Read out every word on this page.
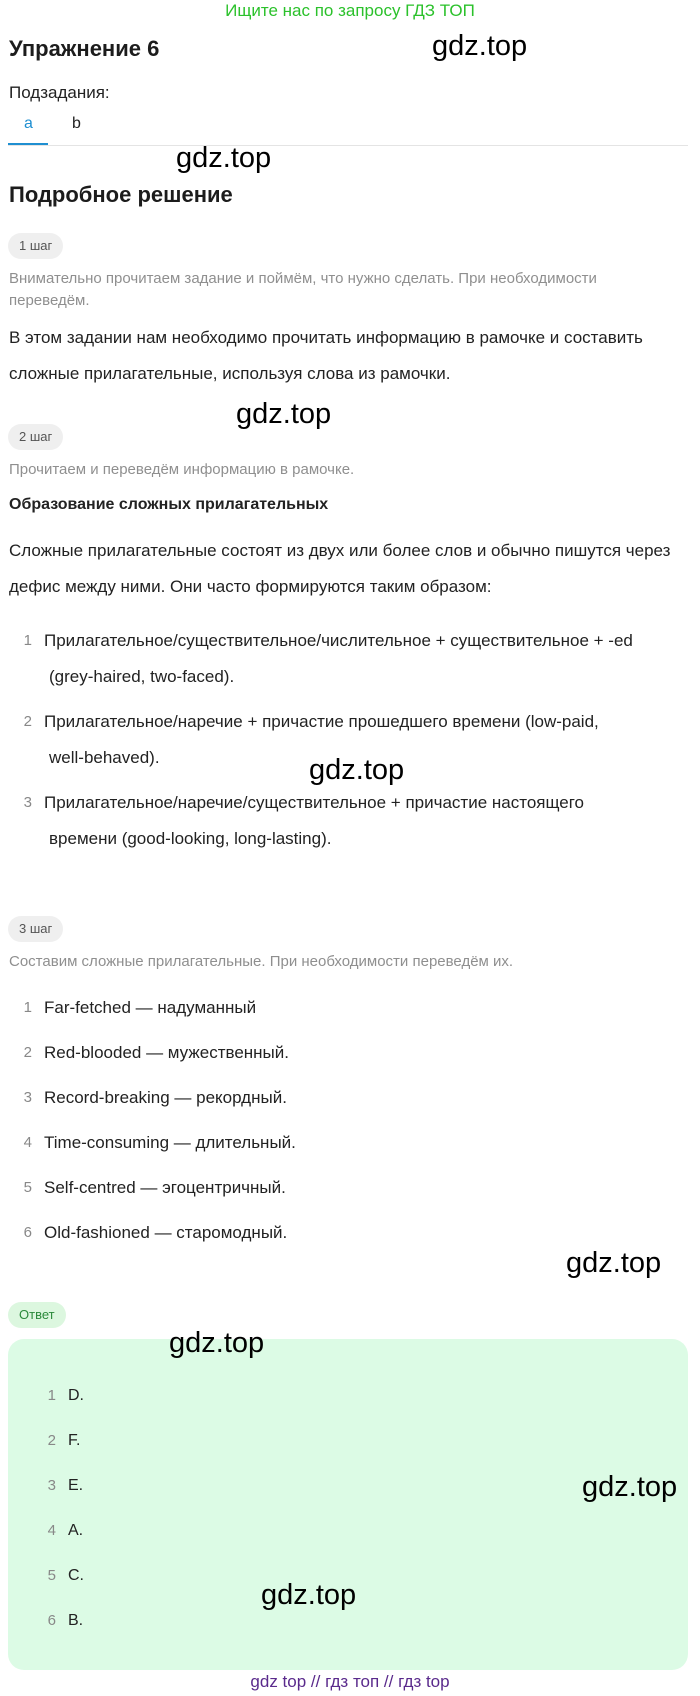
Ищите нас по запросу ГДЗ ТОП
Упражнение 6	gdz.top
Подзадания:
a b
gdz.top
Подробное решение
1 шаг
Внимательно прочитаем задание и поймём, что нужно сделать. При необходимости переведём.
В этом задании нам необходимо прочитать информацию в рамочке и составить сложные прилагательные, используя слова из рамочки.
gdz.top
2 шаг
Прочитаем и переведём информацию в рамочке.
Образование сложных прилагательных
Сложные прилагательные состоят из двух или более слов и обычно пишутся через дефис между ними. Они часто формируются таким образом:
1 Прилагательное/существительное/числительное + существительное + -ed
(grey-haired, two-faced).
2 Прилагательное/наречие + причастие прошедшего времени (low-paid,
well-behaved).	gdz.top
3 Прилагательное/наречие/существительное + причастие настоящего
времени (good-looking, long-lasting).
3 шаг
Составим сложные прилагательные. При необходимости переведём их.
1 Far-fetched — надуманный
2 Red-blooded — мужественный.
3 Record-breaking — рекордный.
4 Time-consuming — длительный.
5 Self-centred — эгоцентричный.
6 Old-fashioned — старомодный.
gdz.top
Ответ
gdz.top
1 D.
2 F.
3 E.	gdz.top
4 A.
5 C.
gdz.top
6 B.
gdz top // гдз топ // гдз top
